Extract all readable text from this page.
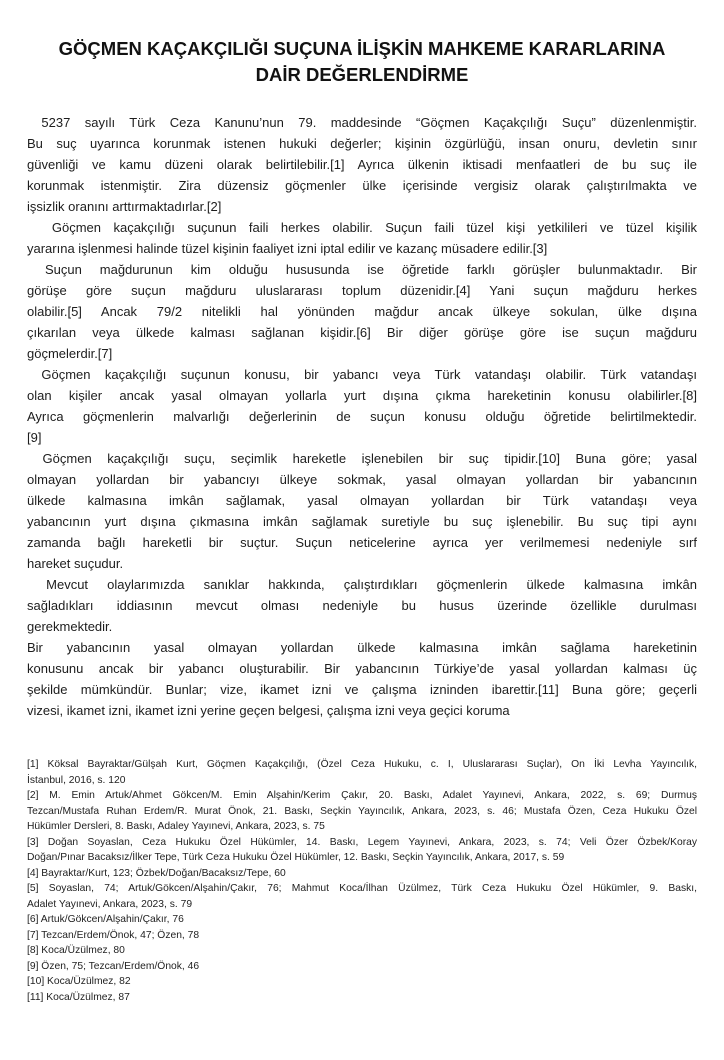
GÖÇMEN KAÇAKÇILIĞI SUÇUNA İLİŞKİN MAHKEME KARARLARINA DAİR DEĞERLENDİRME
5237 sayılı Türk Ceza Kanunu’nun 79. maddesinde “Göçmen Kaçakçılığı Suçu” düzenlenmiştir.
Bu suç uyarınca korunmak istenen hukuki değerler; kişinin özgürlüğü, insan onuru, devletin sınır
güvenliği ve kamu düzeni olarak belirtilebilir.[1] Ayrıca ülkenin iktisadi menfaatleri de bu suç ile
korunmak istenmiştir. Zira düzensiz göçmenler ülke içerisinde vergisiz olarak çalıştırılmakta ve
işsizlik oranını arttırmaktadırlar.[2]
Göçmen kaçakçılığı suçunun faili herkes olabilir. Suçun faili tüzel kişi yetkilileri ve tüzel kişilik
yararına işlenmesi halinde tüzel kişinin faaliyet izni iptal edilir ve kazanç müsadere edilir.[3]
Suçun mağdurunun kim olduğu hususunda ise öğretide farklı görüşler bulunmaktadır. Bir
görüşe göre suçun mağduru uluslararası toplum düzenidir.[4] Yani suçun mağduru herkes
olabilir.[5] Ancak 79/2 nitelikli hal yönünden mağdur ancak ülkeye sokulan, ülke dışına
çıkarılan veya ülkede kalması sağlanan kişidir.[6] Bir diğer görüşe göre ise suçun mağduru
göçmelerdir.[7]
Göçmen kaçakçılığı suçunun konusu, bir yabancı veya Türk vatandaşı olabilir. Türk vatandaşı
olan kişiler ancak yasal olmayan yollarla yurt dışına çıkma hareketinin konusu olabilirler.[8]
Ayrıca göçmenlerin malvarlığı değerlerinin de suçun konusu olduğu öğretide belirtilmektedir.
[9]
Göçmen kaçakçılığı suçu, seçimlik hareketle işlenebilen bir suç tipidir.[10] Buna göre; yasal
olmayan yollardan bir yabancıyı ülkeye sokmak, yasal olmayan yollardan bir yabancının
ülkede kalmasına imkân sağlamak, yasal olmayan yollardan bir Türk vatandaşı veya
yabancının yurt dışına çıkmasına imkân sağlamak suretiyle bu suç işlenebilir. Bu suç tipi aynı
zamanda bağlı hareketli bir suçtur. Suçun neticelerine ayrıca yer verilmemesi nedeniyle sırf
hareket suçudur.
Mevcut olaylarımızda sanıklar hakkında, çalıştırdıkları göçmenlerin ülkede kalmasına imkân
sağladıkları iddiasının mevcut olması nedeniyle bu husus üzerinde özellikle durulması
gerekmektedir.
Bir yabancının yasal olmayan yollardan ülkede kalmasına imkân sağlama hareketinin
konusunu ancak bir yabancı oluşturabilir. Bir yabancının Türkiye’de yasal yollardan kalması üç
şekilde mümkündür. Bunlar; vize, ikamet izni ve çalışma izninden ibarettir.[11] Buna göre; geçerli
vizesi, ikamet izni, ikamet izni yerine geçen belgesi, çalışma izni veya geçici koruma
[1] Köksal Bayraktar/Gülşah Kurt, Göçmen Kaçakçılığı, (Özel Ceza Hukuku, c. I, Uluslararası Suçlar), On İki Levha Yayıncılık,
İstanbul, 2016, s. 120
[2] M. Emin Artuk/Ahmet Gökcen/M. Emin Alşahin/Kerim Çakır, 20. Baskı, Adalet Yayınevi, Ankara, 2022, s. 69; Durmuş
Tezcan/Mustafa Ruhan Erdem/R. Murat Önok, 21. Baskı, Seçkin Yayıncılık, Ankara, 2023, s. 46; Mustafa Özen, Ceza Hukuku Özel
Hükümler Dersleri, 8. Baskı, Adaley Yayınevi, Ankara, 2023, s. 75
[3] Doğan Soyaslan, Ceza Hukuku Özel Hükümler, 14. Baskı, Legem Yayınevi, Ankara, 2023, s. 74; Veli Özer Özbek/Koray
Doğan/Pınar Bacaksız/İlker Tepe, Türk Ceza Hukuku Özel Hükümler, 12. Baskı, Seçkin Yayıncılık, Ankara, 2017, s. 59
[4] Bayraktar/Kurt, 123; Özbek/Doğan/Bacaksız/Tepe, 60
[5] Soyaslan, 74; Artuk/Gökcen/Alşahin/Çakır, 76; Mahmut Koca/İlhan Üzülmez, Türk Ceza Hukuku Özel Hükümler, 9. Baskı,
Adalet Yayınevi, Ankara, 2023, s. 79
[6] Artuk/Gökcen/Alşahin/Çakır, 76
[7] Tezcan/Erdem/Önok, 47; Özen, 78
[8] Koca/Üzülmez, 80
[9] Özen, 75; Tezcan/Erdem/Önok, 46
[10] Koca/Üzülmez, 82
[11] Koca/Üzülmez, 87
